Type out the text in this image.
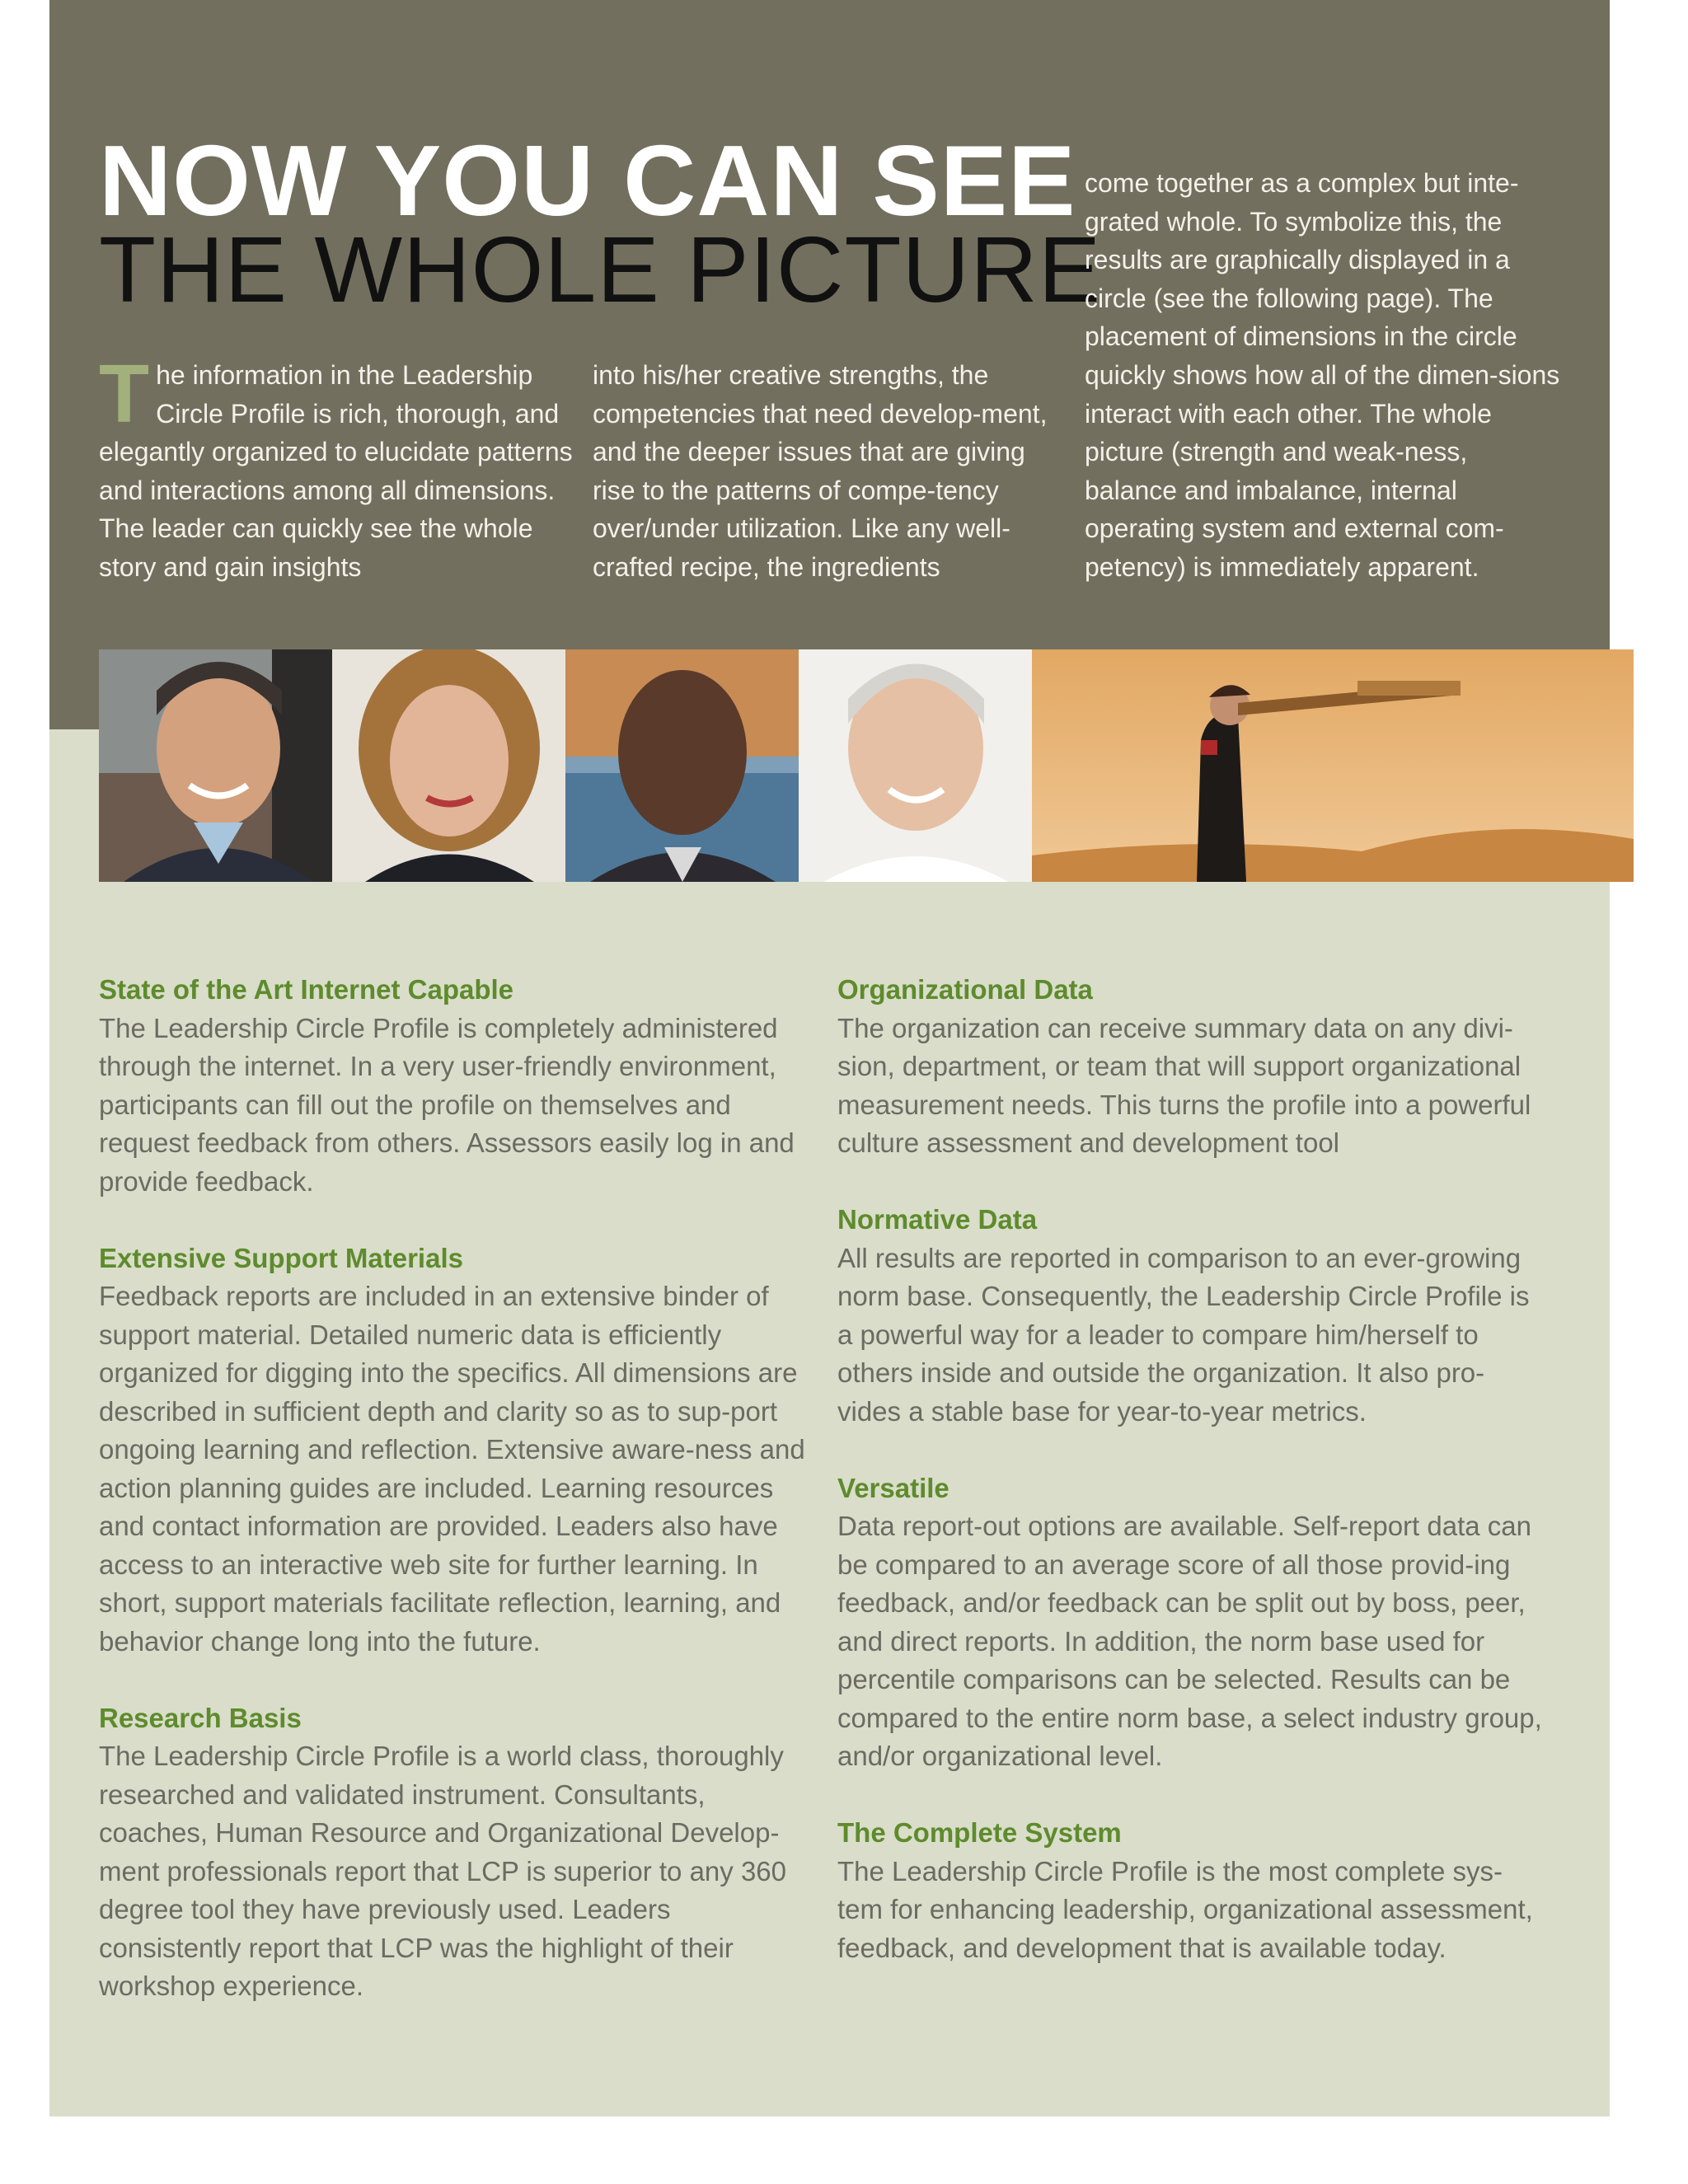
NOW YOU CAN SEE
THE WHOLE PICTURE
T he information in the Leadership Circle Profile is rich, thorough, and elegantly organized to elucidate patterns and interactions among all dimensions. The leader can quickly see the whole story and gain insights

into his/her creative strengths, the competencies that need develop-ment, and the deeper issues that are giving rise to the patterns of compe-tency over/under utilization. Like any well-crafted recipe, the ingredients

come together as a complex but inte-grated whole. To symbolize this, the results are graphically displayed in a circle (see the following page). The placement of dimensions in the circle quickly shows how all of the dimen-sions interact with each other. The whole picture (strength and weak-ness, balance and imbalance, internal operating system and external com-petency) is immediately apparent.

State of the Art Internet Capable

The Leadership Circle Profile is completely administered through the internet. In a very user-friendly environment, participants can fill out the profile on themselves and request feedback from others. Assessors easily log in and provide feedback.

Extensive Support Materials

Feedback reports are included in an extensive binder of support material. Detailed numeric data is efficiently organized for digging into the specifics. All dimensions are described in sufficient depth and clarity so as to sup-port ongoing learning and reflection. Extensive aware-ness and action planning guides are included. Learning resources and contact information are provided. Leaders also have access to an interactive web site for further learning. In short, support materials facilitate reflection, learning, and behavior change long into the future.

Research Basis

The Leadership Circle Profile is a world class, thoroughly researched and validated instrument. Consultants, coaches, Human Resource and Organizational Develop-ment professionals report that LCP is superior to any 360 degree tool they have previously used. Leaders consistently report that LCP was the highlight of their workshop experience.

Organizational Data

The organization can receive summary data on any divi-sion, department, or team that will support organizational measurement needs. This turns the profile into a powerful culture assessment and development tool

Normative Data

All results are reported in comparison to an ever-growing norm base. Consequently, the Leadership Circle Profile is a powerful way for a leader to compare him/herself to others inside and outside the organization. It also pro-vides a stable base for year-to-year metrics.

Versatile

Data report-out options are available. Self-report data can be compared to an average score of all those provid-ing feedback, and/or feedback can be split out by boss, peer, and direct reports. In addition, the norm base used for percentile comparisons can be selected. Results can be compared to the entire norm base, a select industry group, and/or organizational level.

The Complete System

The Leadership Circle Profile is the most complete sys-tem for enhancing leadership, organizational assessment, feedback, and development that is available today.
